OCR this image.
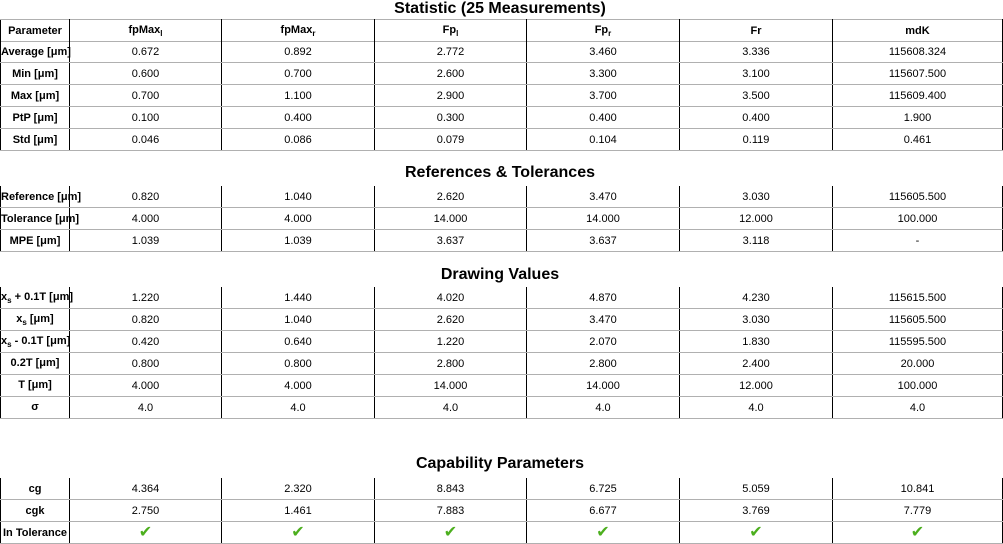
Statistic (25 Measurements)
Parameter	fpMax$_l$	fpMax$_r$	$Fp_l$	$Fp_r$	Fr	mdK
Average [μm]	0.672	0.892	2.772	3.460	3.336	115608.324
Min [μm]	0.600	0.700	2.600	3.300	3.100	115607.500
Max [μm]	0.700	1.100	2.900	3.700	3.500	115609.400
PtP [μm]	0.100	0.400	0.300	0.400	0.400	1.900
Std [μm]	0.046	0.086	0.079	0.104	0.119	0.461
References & Tolerances
Reference [μm]	0.820	1.040	2.620	3.470	3.030	115605.500
Tolerance [μm]	4.000	4.000	14.000	14.000	12.000	100.000
MPE [μm]	1.039	1.039	3.637	3.637	3.118	-
Drawing Values
$x_s + 0.1T$ [μm]	1.220	1.440	4.020	4.870	4.230	115615.500
$x_s$ [μm]	0.820	1.040	2.620	3.470	3.030	115605.500
$x_s - 0.1T$ [μm]	0.420	0.640	1.220	2.070	1.830	115595.500
0.2T [μm]	0.800	0.800	2.800	2.800	2.400	20.000
T [μm]	4.000	4.000	14.000	14.000	12.000	100.000
σ	4.0	4.0	4.0	4.0	4.0	4.0
Capability Parameters
cg	4.364	2.320	8.843	6.725	5.059	10.841
cgk	2.750	1.461	7.883	6.677	3.769	7.779
In Tolerance	✔	✔	✔	✔	✔	✔
